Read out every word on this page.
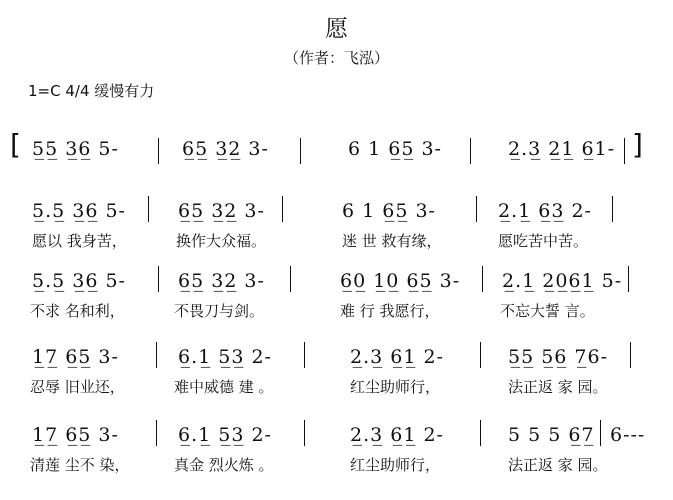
愿
（作者：飞泓）
1=C 4/4 缓慢有力
[ 5̲5̲ 3̲6̲ 5-	6̲5̲ 3̲2̲ 3-	6 1 6̲5̲ 3-	2̲.3̲ 2̲1̲ 6̲1- ]
5̲.5̲ 3̲6̲ 5-	6̲5̲ 3̲2̲ 3-	6 1 6̲5̲ 3-	2̲.1̲ 6̲3̲ 2-
愿以 我身苦，	换作大众福。	迷 世 救有缘，	愿吃苦中苦。
5̲.5̲ 3̲6̲ 5-	6̲5̲ 3̲2̲ 3-	6̲0̲ 1̲0̲ 6̲5̲ 3- 2̲.1̲ 2̲0̲6̲1̲ 5-
不求 名和利，	不畏刀与剑。	难 行 我愿行，	不忘大誓 言。
1̲7̲ 6̲5̲ 3-	6̲.1̲ 5̲3̲ 2-	2̲.3̲ 6̲1̲ 2-	5̲5̲ 5̲6̲ 7̲6-
忍辱 旧业还，	难中威德 建 。	红尘助师行，	法正返 家 园。
1̲7̲ 6̲5̲ 3-	6̲.1̲ 5̲3̲ 2-	2̲.3̲ 6̲1̲ 2-	5 5 5 6̲7̲ 6---
清莲 尘不 染，	真金 烈火炼 。	红尘助师行，	法正返 家 园。
